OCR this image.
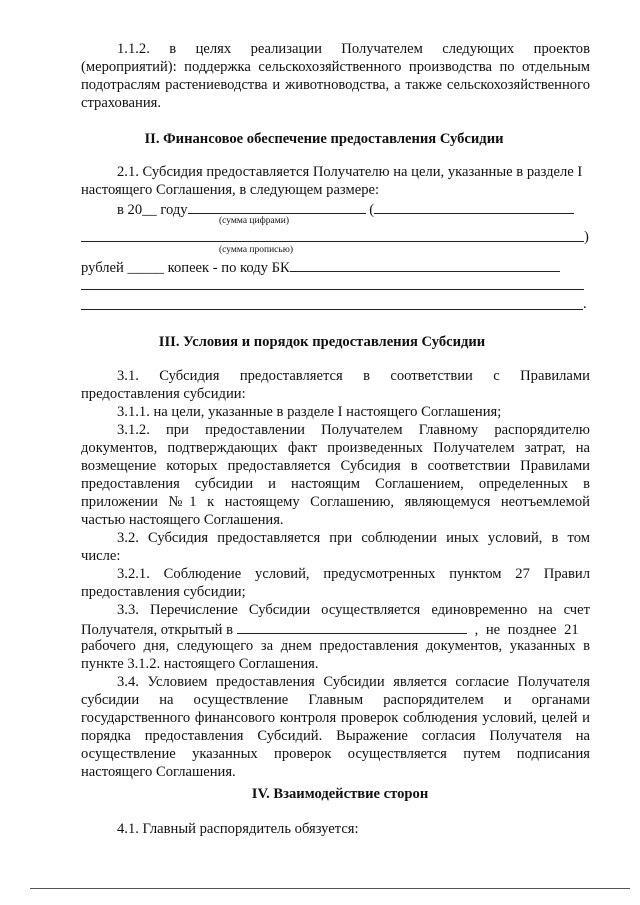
1.1.2. в целях реализации Получателем следующих проектов
(мероприятий): поддержка сельскохозяйственного производства по отдельным
подотраслям растениеводства и животноводства, а также сельскохозяйственного
страхования.
II. Финансовое обеспечение предоставления Субсидии
2.1. Субсидия предоставляется Получателю на цели, указанные в разделе I
настоящего Соглашения, в следующем размере:
в 20__ году	(
(сумма цифрами)
)
(сумма прописью)
рублей _____ копеек - по коду БК
.
III. Условия и порядок предоставления Субсидии
3.1. Субсидия предоставляется в соответствии с Правилами
предоставления субсидии:
3.1.1. на цели, указанные в разделе I настоящего Соглашения;
3.1.2. при предоставлении Получателем Главному распорядителю
документов, подтверждающих факт произведенных Получателем затрат, на
возмещение которых предоставляется Субсидия в соответствии Правилами
предоставления субсидии и настоящим Соглашением, определенных в
приложении №1 к настоящему Соглашению, являющемуся неотъемлемой
частью настоящего Соглашения.
3.2. Субсидия предоставляется при соблюдении иных условий, в том
числе:
3.2.1. Соблюдение условий, предусмотренных пунктом 27 Правил
предоставления субсидии;
3.3. Перечисление Субсидии осуществляется единовременно на счет
Получателя, открытый в	, не позднее 21
рабочего дня, следующего за днем предоставления документов, указанных в
пункте 3.1.2. настоящего Соглашения.
3.4. Условием предоставления Субсидии является согласие Получателя
субсидии на осуществление Главным распорядителем и органами
государственного финансового контроля проверок соблюдения условий, целей и
порядка предоставления Субсидий. Выражение согласия Получателя на
осуществление указанных проверок осуществляется путем подписания
настоящего Соглашения.
IV. Взаимодействие сторон
4.1. Главный распорядитель обязуется:
